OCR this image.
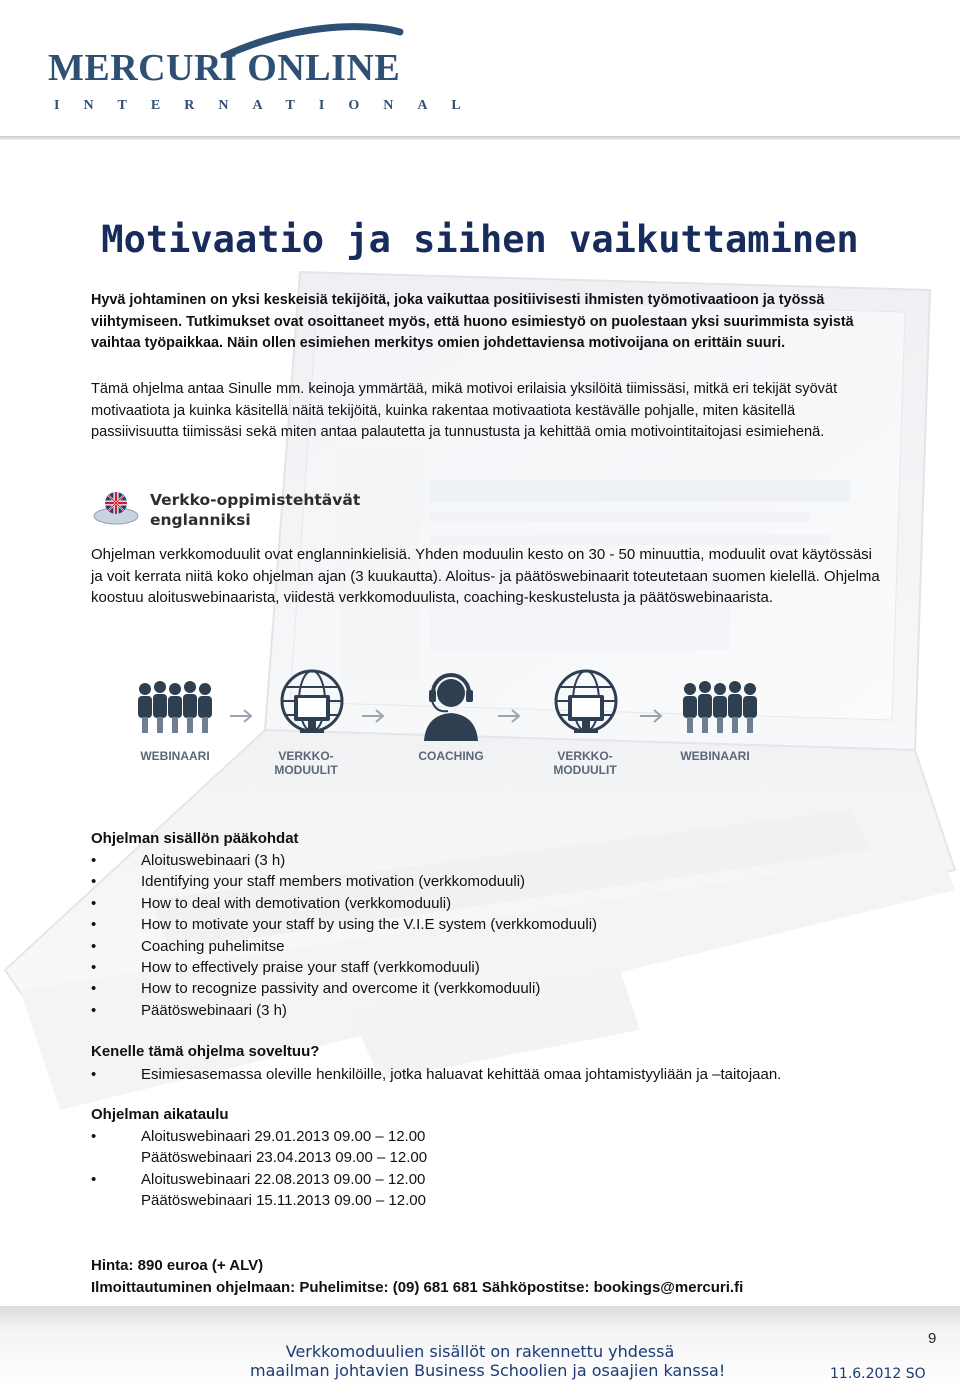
MERCURI ONLINE
INTERNATIONAL
Motivaatio ja siihen vaikuttaminen

Hyvä johtaminen on yksi keskeisiä tekijöitä, joka vaikuttaa positiivisesti ihmisten työmotivaatioon ja työssä viihtymiseen. Tutkimukset ovat osoittaneet myös, että huono esimiestyö on puolestaan yksi suurimmista syistä vaihtaa työpaikkaa. Näin ollen esimiehen merkitys omien johdettaviensa motivoijana on erittäin suuri.

Tämä ohjelma antaa Sinulle mm. keinoja ymmärtää, mikä motivoi erilaisia yksilöitä tiimissäsi, mitkä eri tekijät syövät motivaatiota ja kuinka käsitellä näitä tekijöitä, kuinka rakentaa motivaatiota kestävälle pohjalle, miten käsitellä passiivisuutta tiimissäsi sekä miten antaa palautetta ja tunnustusta ja kehittää omia motivointitaitojasi esimiehenä.

Verkko-oppimistehtävät
englanniksi

Ohjelman verkkomoduulit ovat englanninkielisiä. Yhden moduulin kesto on 30 - 50 minuuttia, moduulit ovat käytössäsi ja voit kerrata niitä koko ohjelman ajan (3 kuukautta). Aloitus- ja päätöswebinaarit toteutetaan suomen kielellä. Ohjelma koostuu aloituswebinaarista, viidestä verkkomoduulista, coaching-keskustelusta ja päätöswebinaarista.

WEBINAARI	VERKKO-
MODUULIT
COACHING	VERKKO-
MODUULIT
WEBINAARI

Ohjelman sisällön pääkohdat

•	Aloituswebinaari (3 h)
•	Identifying your staff members motivation (verkkomoduuli)
•	How to deal with demotivation (verkkomoduuli)
•	How to motivate your staff by using the V.I.E system (verkkomoduuli)
•	Coaching puhelimitse
•	How to effectively praise your staff (verkkomoduuli)
•	How to recognize passivity and overcome it (verkkomoduuli)
•	Päätöswebinaari (3 h)

Kenelle tämä ohjelma soveltuu?

•	Esimiesasemassa oleville henkilöille, jotka haluavat kehittää omaa johtamistyyliään ja –taitojaan.

Ohjelman aikataulu

•	Aloituswebinaari 29.01.2013 09.00 – 12.00
Päätöswebinaari 23.04.2013 09.00 – 12.00
•	Aloituswebinaari 22.08.2013 09.00 – 12.00
Päätöswebinaari 15.11.2013 09.00 – 12.00
Hinta: 890 euroa (+ ALV)
Ilmoittautuminen ohjelmaan: Puhelimitse: (09) 681 681 Sähköpostitse: bookings@mercuri.fi
Verkkomoduulien sisällöt on rakennettu yhdessä
maailman johtavien Business Schoolien ja osaajien kanssa!
9
11.6.2012 SO
